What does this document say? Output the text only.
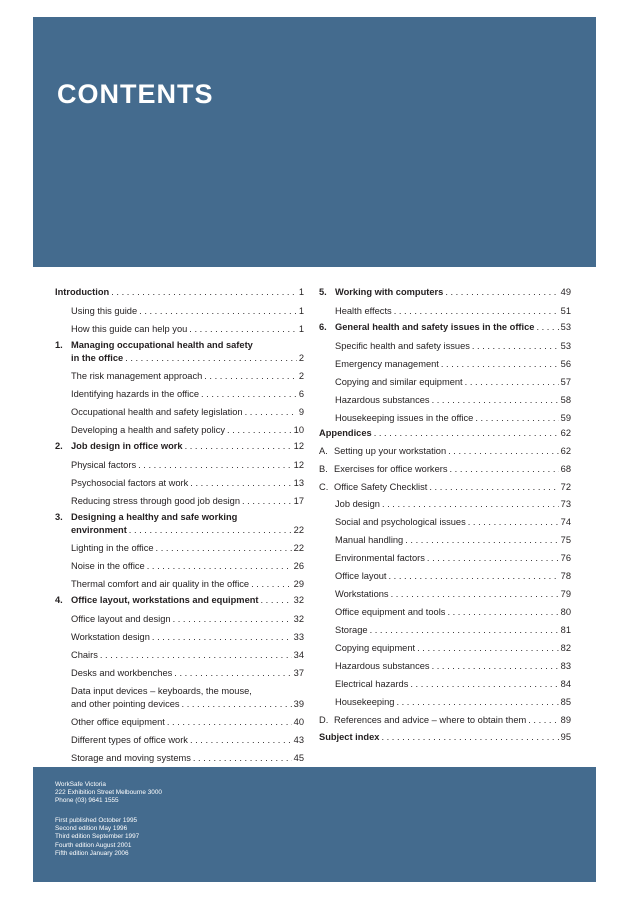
CONTENTS
Introduction . . .	1
Using this guide . . .	1
How this guide can help you . . .	1
1. Managing occupational health and safety
in the office . . .	2
The risk management approach . . .	2
Identifying hazards in the office . . .	6
Occupational health and safety legislation . . .	9
Developing a health and safety policy . . .	10
2. Job design in office work . . .	12
Physical factors . . .	12
Psychosocial factors at work . . .	13
Reducing stress through good job design . . .	17
3. Designing a healthy and safe working
environment . . .	22
Lighting in the office . . .	22
Noise in the office . . .	26
Thermal comfort and air quality in the office . . .	29
4. Office layout, workstations and equipment . . .	32
Office layout and design . . .	32
Workstation design . . .	33
Chairs . . .	34
Desks and workbenches . . .	37
Data input devices – keyboards, the mouse,
and other pointing devices . . .	39
Other office equipment . . .	40
Different types of office work . . .	43
Storage and moving systems . . .	45
5. Working with computers . . .	49
Health effects . . .	51
6. General health and safety issues in the office . . .	53
Specific health and safety issues . . .	53
Emergency management . . .	56
Copying and similar equipment . . .	57
Hazardous substances . . .	58
Housekeeping issues in the office . . .	59
Appendices . . .	62
A. Setting up your workstation . . .	62
B. Exercises for office workers . . .	68
C. Office Safety Checklist . . .	72
Job design . . .	73
Social and psychological issues . . .	74
Manual handling . . .	75
Environmental factors . . .	76
Office layout . . .	78
Workstations . . .	79
Office equipment and tools . . .	80
Storage . . .	81
Copying equipment . . .	82
Hazardous substances . . .	83
Electrical hazards . . .	84
Housekeeping . . .	85
D. References and advice – where to obtain them . . .	89
Subject index . . .	95
WorkSafe Victoria
222 Exhibition Street Melbourne 3000
Phone (03) 9641 1555
First published October 1995
Second edition May 1996
Third edition September 1997
Fourth edition August 2001
Fifth edition January 2006
